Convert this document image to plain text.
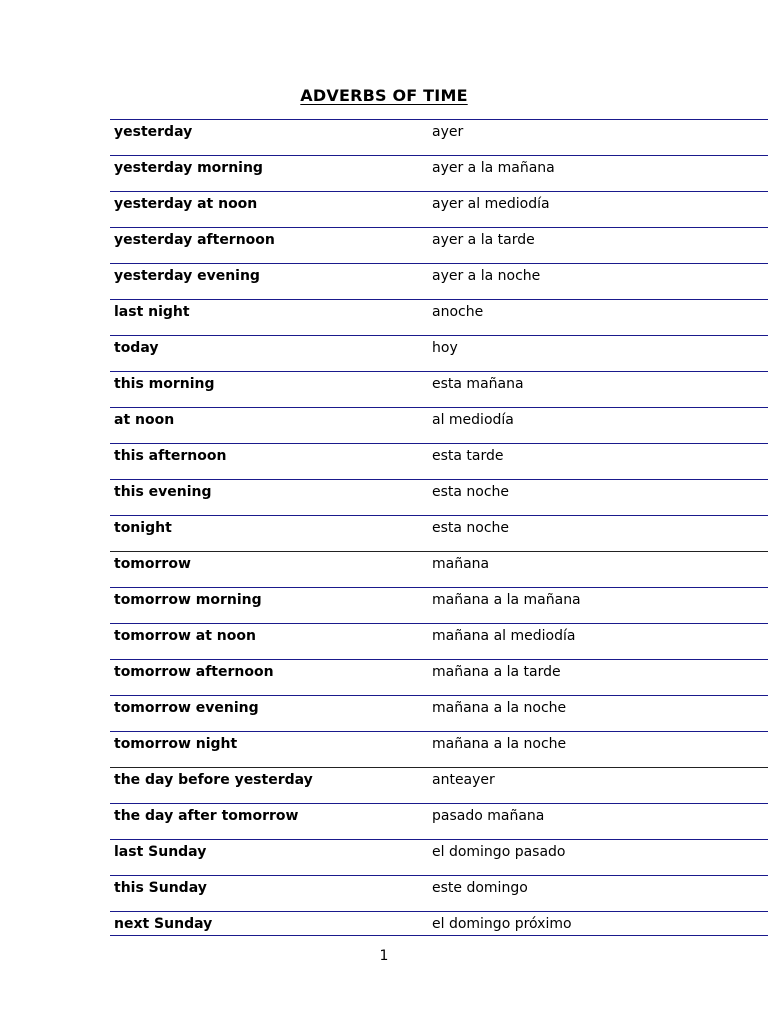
ADVERBS OF TIME
yesterday	ayer
yesterday morning	ayer a la mañana
yesterday at noon	ayer al mediodía
yesterday afternoon	ayer a la tarde
yesterday evening	ayer a la noche
last night	anoche
today	hoy
this morning	esta mañana
at noon	al mediodía
this afternoon	esta tarde
this evening	esta noche
tonight	esta noche
tomorrow	mañana
tomorrow morning	mañana a la mañana
tomorrow at noon	mañana al mediodía
tomorrow afternoon	mañana a la tarde
tomorrow evening	mañana a la noche
tomorrow night	mañana a la noche
the day before yesterday	anteayer
the day after tomorrow	pasado mañana
last Sunday	el domingo pasado
this Sunday	este domingo
next Sunday	el domingo próximo
1
